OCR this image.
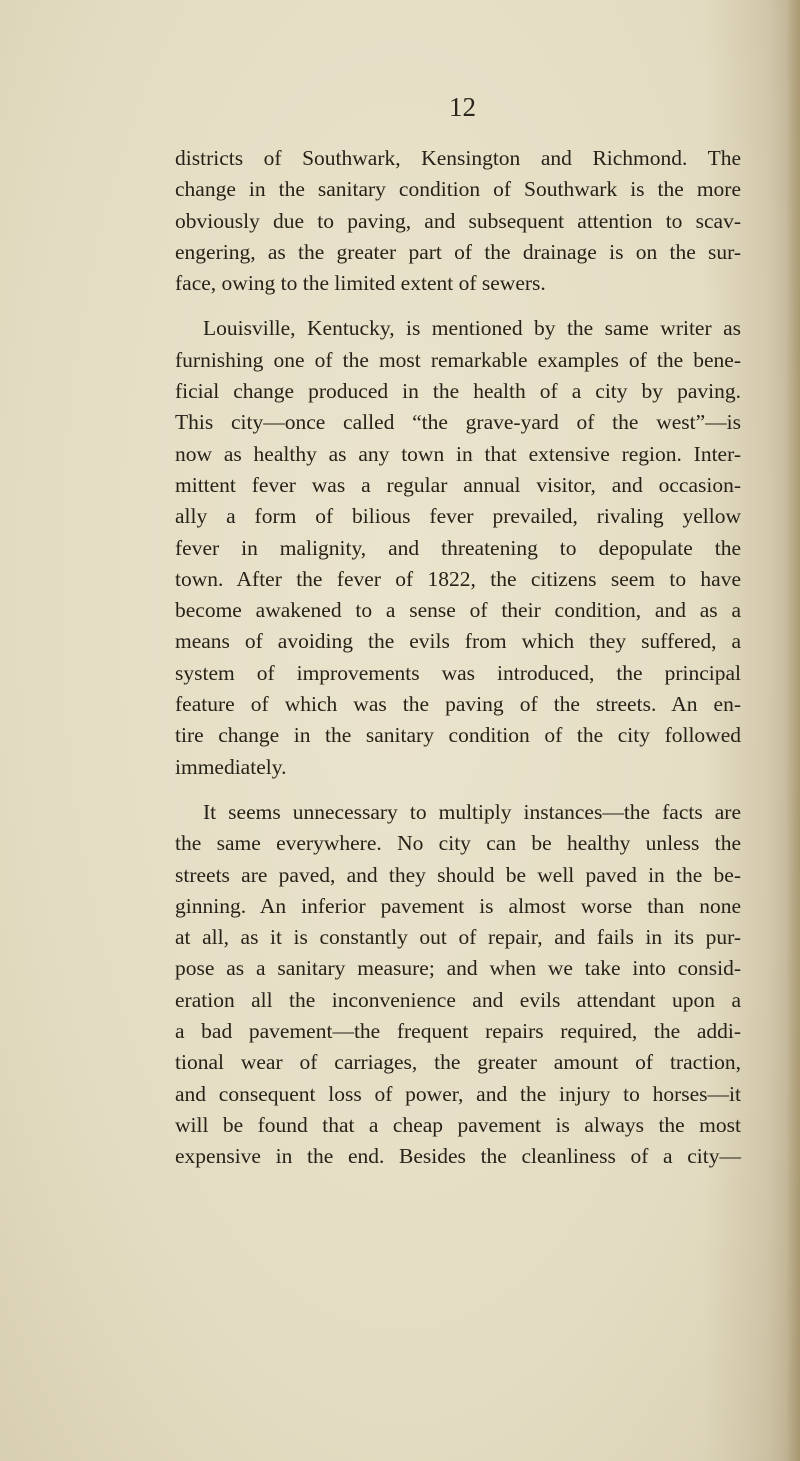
12

districts of Southwark, Kensington and Richmond. The
change in the sanitary condition of Southwark is the more
obviously due to paving, and subsequent attention to scav-
engering, as the greater part of the drainage is on the sur-
face, owing to the limited extent of sewers.
Louisville, Kentucky, is mentioned by the same writer as
furnishing one of the most remarkable examples of the bene-
ficial change produced in the health of a city by paving.
This city—once called “the grave-yard of the west”—is
now as healthy as any town in that extensive region. Inter-
mittent fever was a regular annual visitor, and occasion-
ally a form of bilious fever prevailed, rivaling yellow
fever in malignity, and threatening to depopulate the
town. After the fever of 1822, the citizens seem to have
become awakened to a sense of their condition, and as a
means of avoiding the evils from which they suffered, a
system of improvements was introduced, the principal
feature of which was the paving of the streets. An en-
tire change in the sanitary condition of the city followed
immediately.
It seems unnecessary to multiply instances—the facts are
the same everywhere. No city can be healthy unless the
streets are paved, and they should be well paved in the be-
ginning. An inferior pavement is almost worse than none
at all, as it is constantly out of repair, and fails in its pur-
pose as a sanitary measure; and when we take into consid-
eration all the inconvenience and evils attendant upon a
a bad pavement—the frequent repairs required, the addi-
tional wear of carriages, the greater amount of traction,
and consequent loss of power, and the injury to horses—it
will be found that a cheap pavement is always the most
expensive in the end. Besides the cleanliness of a city—
